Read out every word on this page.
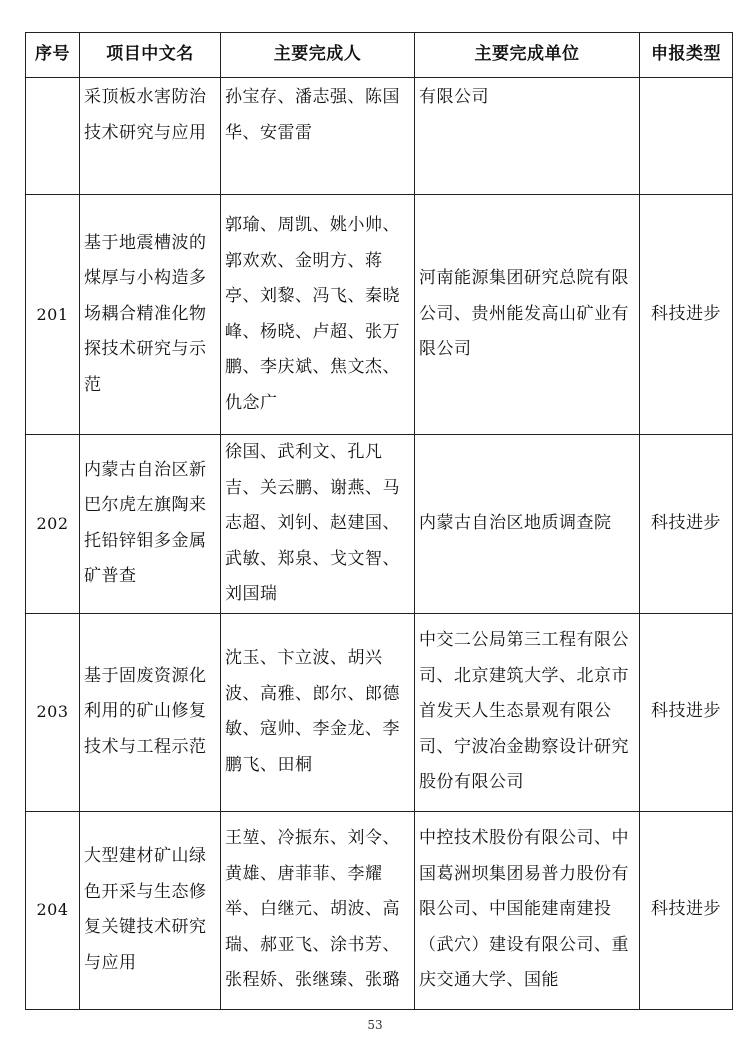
序号	项目中文名	主要完成人	主要完成单位	申报类型
	采顶板水害防治技术研究与应用	孙宝存、潘志强、陈国华、安雷雷	有限公司	
201	基于地震槽波的煤厚与小构造多场耦合精准化物探技术研究与示范	郭瑜、周凯、姚小帅、郭欢欢、金明方、蒋亭、刘黎、冯飞、秦晓峰、杨晓、卢超、张万鹏、李庆斌、焦文杰、仇念广	河南能源集团研究总院有限公司、贵州能发高山矿业有限公司	科技进步
202	内蒙古自治区新巴尔虎左旗陶来托铅锌钼多金属矿普查	徐国、武利文、孔凡吉、关云鹏、谢燕、马志超、刘钊、赵建国、武敏、郑泉、戈文智、刘国瑞	内蒙古自治区地质调查院	科技进步
203	基于固废资源化利用的矿山修复技术与工程示范	沈玉、卞立波、胡兴波、高雅、郎尔、郎德敏、寇帅、李金龙、李鹏飞、田桐	中交二公局第三工程有限公司、北京建筑大学、北京市首发天人生态景观有限公司、宁波冶金勘察设计研究股份有限公司	科技进步
204	大型建材矿山绿色开采与生态修复关键技术研究与应用	王堃、冷振东、刘令、黄雄、唐菲菲、李耀举、白继元、胡波、高瑞、郝亚飞、涂书芳、张程娇、张继臻、张璐	中控技术股份有限公司、中国葛洲坝集团易普力股份有限公司、中国能建南建投（武穴）建设有限公司、重庆交通大学、国能	科技进步
53
